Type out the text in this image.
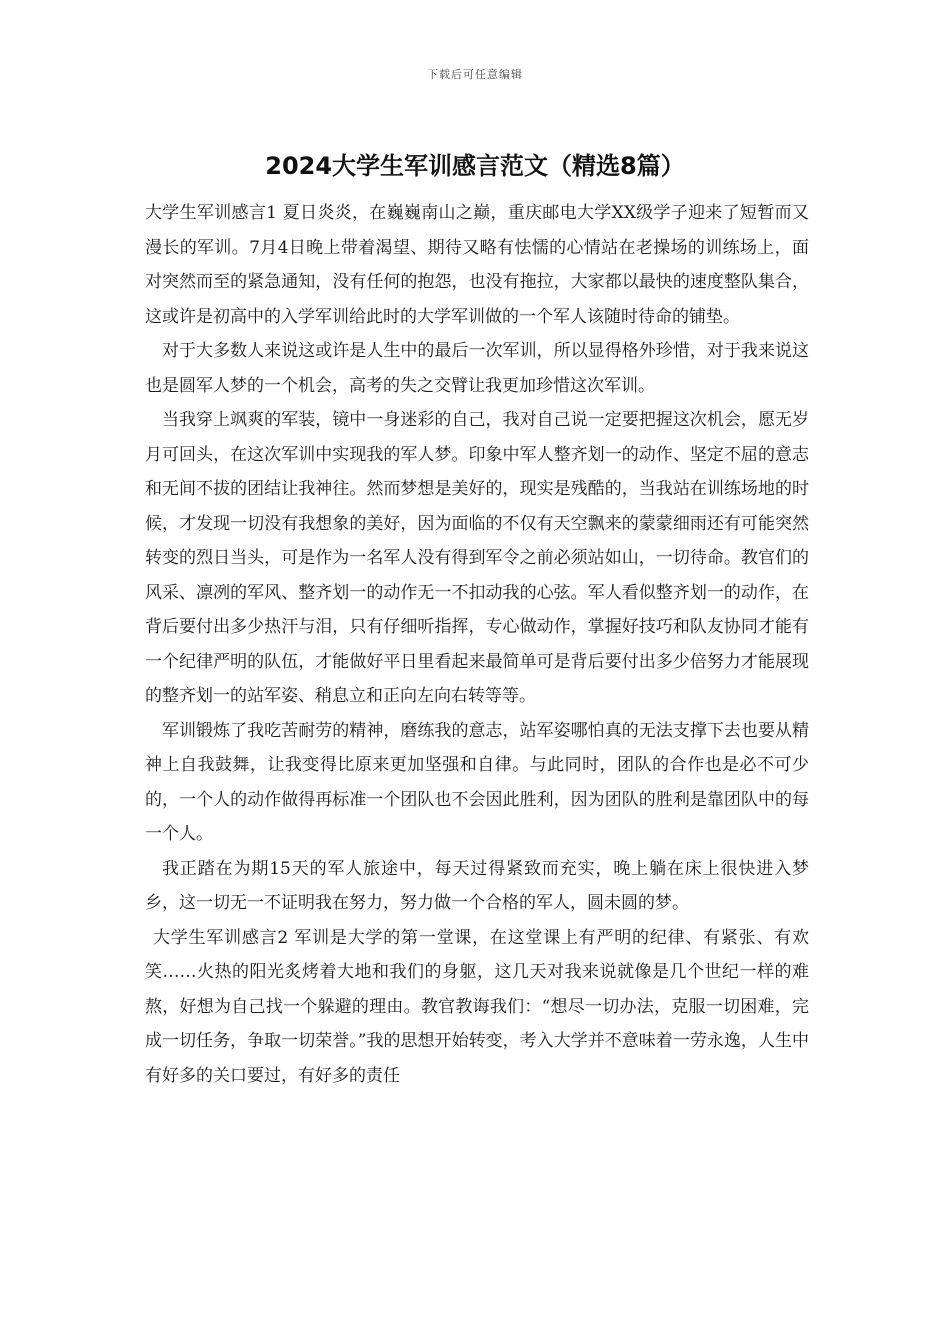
下载后可任意编辑
2024大学生军训感言范文（精选8篇）

大学生军训感言1 夏日炎炎，在巍巍南山之巅，重庆邮电大学XX级学子迎来了短暂而又漫长的军训。7月4日晚上带着渴望、期待又略有怯懦的心情站在老操场的训练场上，面对突然而至的紧急通知，没有任何的抱怨，也没有拖拉，大家都以最快的速度整队集合，这或许是初高中的入学军训给此时的大学军训做的一个军人该随时待命的铺垫。

对于大多数人来说这或许是人生中的最后一次军训，所以显得格外珍惜，对于我来说这也是圆军人梦的一个机会，高考的失之交臂让我更加珍惜这次军训。

当我穿上飒爽的军装，镜中一身迷彩的自己，我对自己说一定要把握这次机会，愿无岁月可回头，在这次军训中实现我的军人梦。印象中军人整齐划一的动作、坚定不屈的意志和无间不拔的团结让我神往。然而梦想是美好的，现实是残酷的，当我站在训练场地的时候，才发现一切没有我想象的美好，因为面临的不仅有天空飘来的蒙蒙细雨还有可能突然转变的烈日当头，可是作为一名军人没有得到军令之前必须站如山，一切待命。教官们的风采、凛冽的军风、整齐划一的动作无一不扣动我的心弦。军人看似整齐划一的动作，在背后要付出多少热汗与泪，只有仔细听指挥，专心做动作，掌握好技巧和队友协同才能有一个纪律严明的队伍，才能做好平日里看起来最简单可是背后要付出多少倍努力才能展现的整齐划一的站军姿、稍息立和正向左向右转等等。

军训锻炼了我吃苦耐劳的精神，磨练我的意志，站军姿哪怕真的无法支撑下去也要从精神上自我鼓舞，让我变得比原来更加坚强和自律。与此同时，团队的合作也是必不可少的，一个人的动作做得再标准一个团队也不会因此胜利，因为团队的胜利是靠团队中的每一个人。

我正踏在为期15天的军人旅途中，每天过得紧致而充实，晚上躺在床上很快进入梦乡，这一切无一不证明我在努力，努力做一个合格的军人，圆未圆的梦。

大学生军训感言2 军训是大学的第一堂课，在这堂课上有严明的纪律、有紧张、有欢笑……火热的阳光炙烤着大地和我们的身躯，这几天对我来说就像是几个世纪一样的难熬，好想为自己找一个躲避的理由。教官教诲我们：“想尽一切办法，克服一切困难，完成一切任务，争取一切荣誉。”我的思想开始转变，考入大学并不意味着一劳永逸，人生中有好多的关口要过，有好多的责任
